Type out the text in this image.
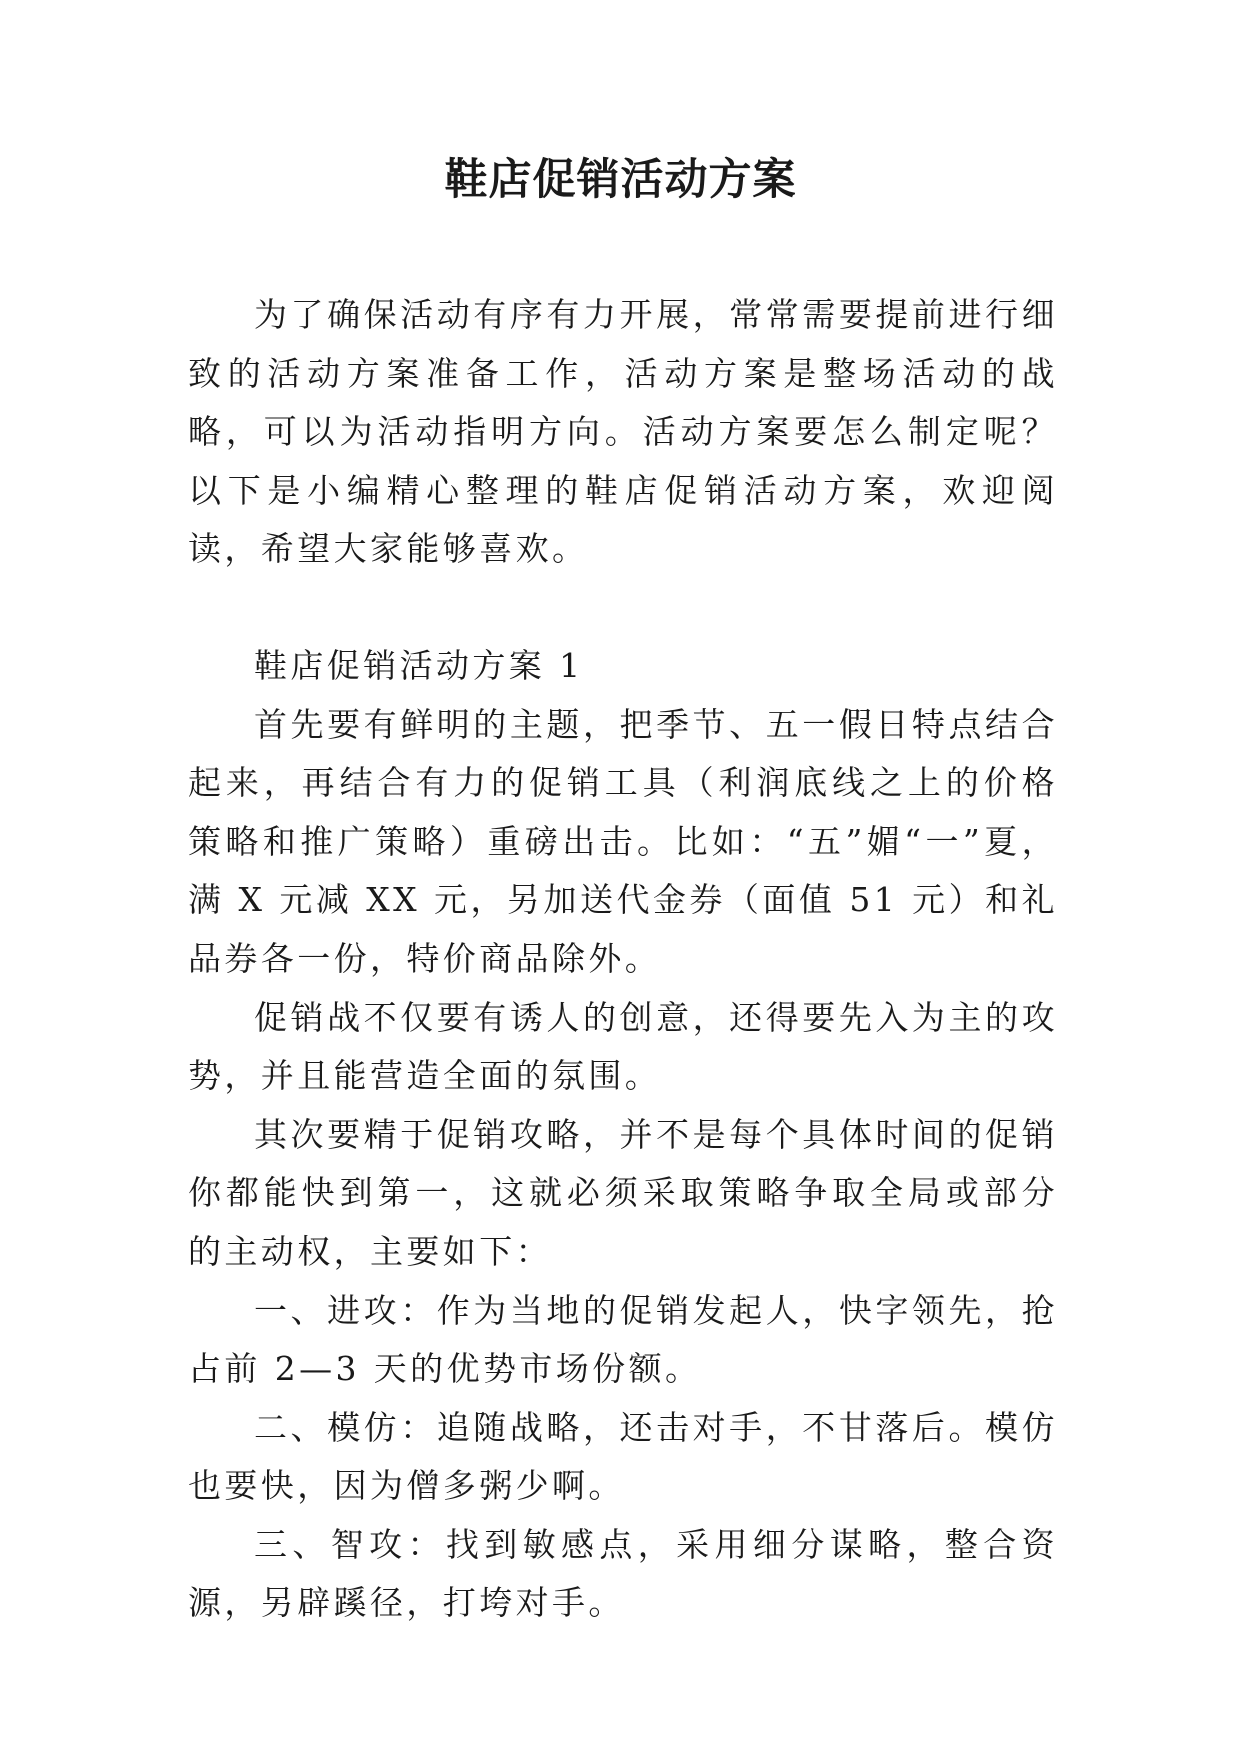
鞋店促销活动方案

为了确保活动有序有力开展，常常需要提前进行细致的活动方案准备工作，活动方案是整场活动的战略，可以为活动指明方向。活动方案要怎么制定呢？以下是小编精心整理的鞋店促销活动方案，欢迎阅读，希望大家能够喜欢。

鞋店促销活动方案 1

首先要有鲜明的主题，把季节、五一假日特点结合起来，再结合有力的促销工具（利润底线之上的价格策略和推广策略）重磅出击。比如：“五”媚“一”夏，满 X 元减 XX 元，另加送代金券（面值 51 元）和礼品券各一份，特价商品除外。

促销战不仅要有诱人的创意，还得要先入为主的攻势，并且能营造全面的氛围。

其次要精于促销攻略，并不是每个具体时间的促销你都能快到第一，这就必须采取策略争取全局或部分的主动权，主要如下：

一、进攻：作为当地的促销发起人，快字领先，抢占前 2—3 天的优势市场份额。

二、模仿：追随战略，还击对手，不甘落后。模仿也要快，因为僧多粥少啊。

三、智攻：找到敏感点，采用细分谋略，整合资源，另辟蹊径，打垮对手。
